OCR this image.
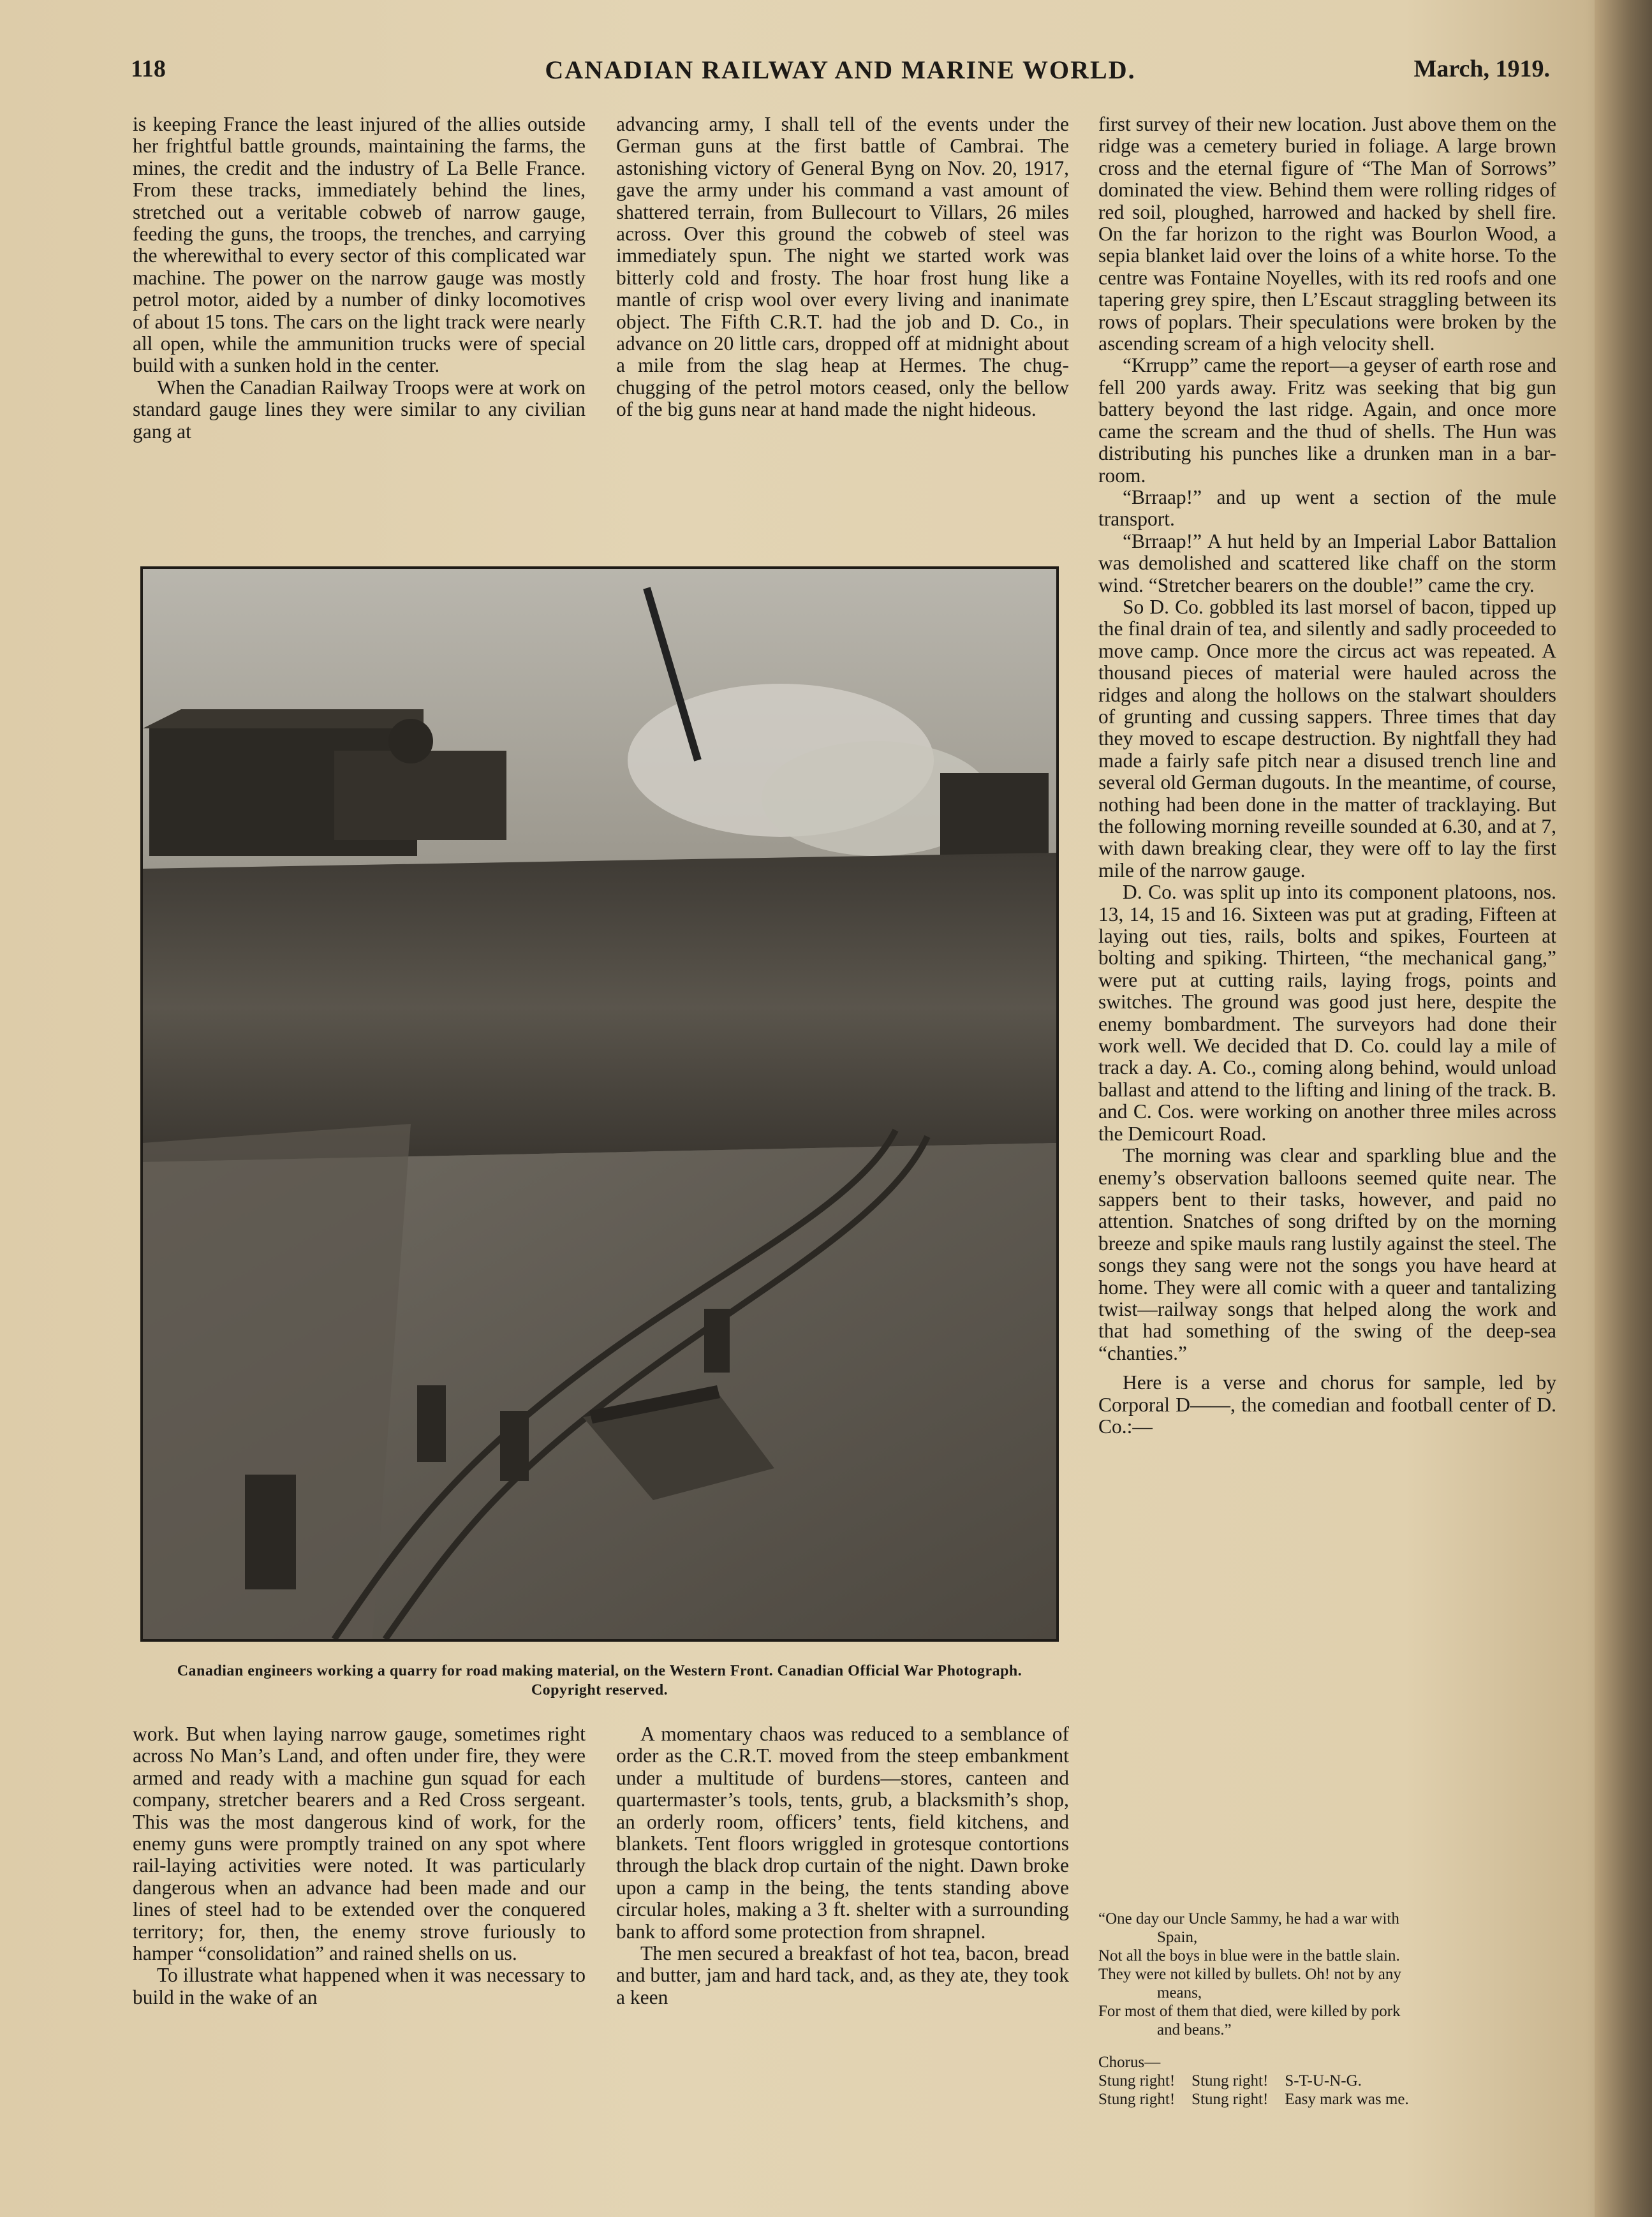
118	CANADIAN RAILWAY AND MARINE WORLD.	March, 1919.

is keeping France the least injured of the allies outside her frightful battle grounds, maintaining the farms, the mines, the credit and the industry of La Belle France. From these tracks, immediately behind the lines, stretched out a veritable cobweb of narrow gauge, feeding the guns, the troops, the trenches, and carrying the wherewithal to every sector of this complicated war machine. The power on the narrow gauge was mostly petrol motor, aided by a number of dinky locomotives of about 15 tons. The cars on the light track were nearly all open, while the ammunition trucks were of special build with a sunken hold in the center.

When the Canadian Railway Troops were at work on standard gauge lines they were similar to any civilian gang at

advancing army, I shall tell of the events under the German guns at the first battle of Cambrai. The astonishing victory of General Byng on Nov. 20, 1917, gave the army under his command a vast amount of shattered terrain, from Bullecourt to Villars, 26 miles across. Over this ground the cobweb of steel was immediately spun. The night we started work was bitterly cold and frosty. The hoar frost hung like a mantle of crisp wool over every living and inanimate object. The Fifth C.R.T. had the job and D. Co., in advance on 20 little cars, dropped off at midnight about a mile from the slag heap at Hermes. The chug-chugging of the petrol motors ceased, only the bellow of the big guns near at hand made the night hideous.

first survey of their new location. Just above them on the ridge was a cemetery buried in foliage. A large brown cross and the eternal figure of “The Man of Sorrows” dominated the view. Behind them were rolling ridges of red soil, ploughed, harrowed and hacked by shell fire. On the far horizon to the right was Bourlon Wood, a sepia blanket laid over the loins of a white horse. To the centre was Fontaine Noyelles, with its red roofs and one tapering grey spire, then L’Escaut straggling between its rows of poplars. Their speculations were broken by the ascending scream of a high velocity shell.

“Krrupp” came the report—a geyser of earth rose and fell 200 yards away. Fritz was seeking that big gun battery beyond the last ridge. Again, and once more came the scream and the thud of shells. The Hun was distributing his punches like a drunken man in a bar-room.

“Brraap!” and up went a section of the mule transport.

“Brraap!” A hut held by an Imperial Labor Battalion was demolished and scattered like chaff on the storm wind. “Stretcher bearers on the double!” came the cry.

So D. Co. gobbled its last morsel of bacon, tipped up the final drain of tea, and silently and sadly proceeded to move camp. Once more the circus act was repeated. A thousand pieces of material were hauled across the ridges and along the hollows on the stalwart shoulders of grunting and cussing sappers. Three times that day they moved to escape destruction. By nightfall they had made a fairly safe pitch near a disused trench line and several old German dugouts. In the meantime, of course, nothing had been done in the matter of tracklaying. But the following morning reveille sounded at 6.30, and at 7, with dawn breaking clear, they were off to lay the first mile of the narrow gauge.

D. Co. was split up into its component platoons, nos. 13, 14, 15 and 16. Sixteen was put at grading, Fifteen at laying out ties, rails, bolts and spikes, Fourteen at bolting and spiking. Thirteen, “the mechanical gang,” were put at cutting rails, laying frogs, points and switches. The ground was good just here, despite the enemy bombardment. The surveyors had done their work well. We decided that D. Co. could lay a mile of track a day. A. Co., coming along behind, would unload ballast and attend to the lifting and lining of the track. B. and C. Cos. were working on another three miles across the Demicourt Road.

The morning was clear and sparkling blue and the enemy’s observation balloons seemed quite near. The sappers bent to their tasks, however, and paid no attention. Snatches of song drifted by on the morning breeze and spike mauls rang lustily against the steel. The songs they sang were not the songs you have heard at home. They were all comic with a queer and tantalizing twist—railway songs that helped along the work and that had something of the swing of the deep-sea “chanties.”

Here is a verse and chorus for sample, led by Corporal D——, the comedian and football center of D. Co.:—

Canadian engineers working a quarry for road making material, on the Western Front. Canadian Official War Photograph. Copyright reserved.

work. But when laying narrow gauge, sometimes right across No Man’s Land, and often under fire, they were armed and ready with a machine gun squad for each company, stretcher bearers and a Red Cross sergeant. This was the most dangerous kind of work, for the enemy guns were promptly trained on any spot where rail-laying activities were noted. It was particularly dangerous when an advance had been made and our lines of steel had to be extended over the conquered territory; for, then, the enemy strove furiously to hamper “consolidation” and rained shells on us.

To illustrate what happened when it was necessary to build in the wake of an

A momentary chaos was reduced to a semblance of order as the C.R.T. moved from the steep embankment under a multitude of burdens—stores, canteen and quartermaster’s tools, tents, grub, a blacksmith’s shop, an orderly room, officers’ tents, field kitchens, and blankets. Tent floors wriggled in grotesque contortions through the black drop curtain of the night. Dawn broke upon a camp in the being, the tents standing above circular holes, making a 3 ft. shelter with a surrounding bank to afford some protection from shrapnel.

The men secured a breakfast of hot tea, bacon, bread and butter, jam and hard tack, and, as they ate, they took a keen

“One day our Uncle Sammy, he had a war with

Spain,

Not all the boys in blue were in the battle slain.

They were not killed by bullets. Oh! not by any

means,

For most of them that died, were killed by pork

and beans.”

Chorus—

Stung right! Stung right! S-T-U-N-G.

Stung right! Stung right! Easy mark was me.
